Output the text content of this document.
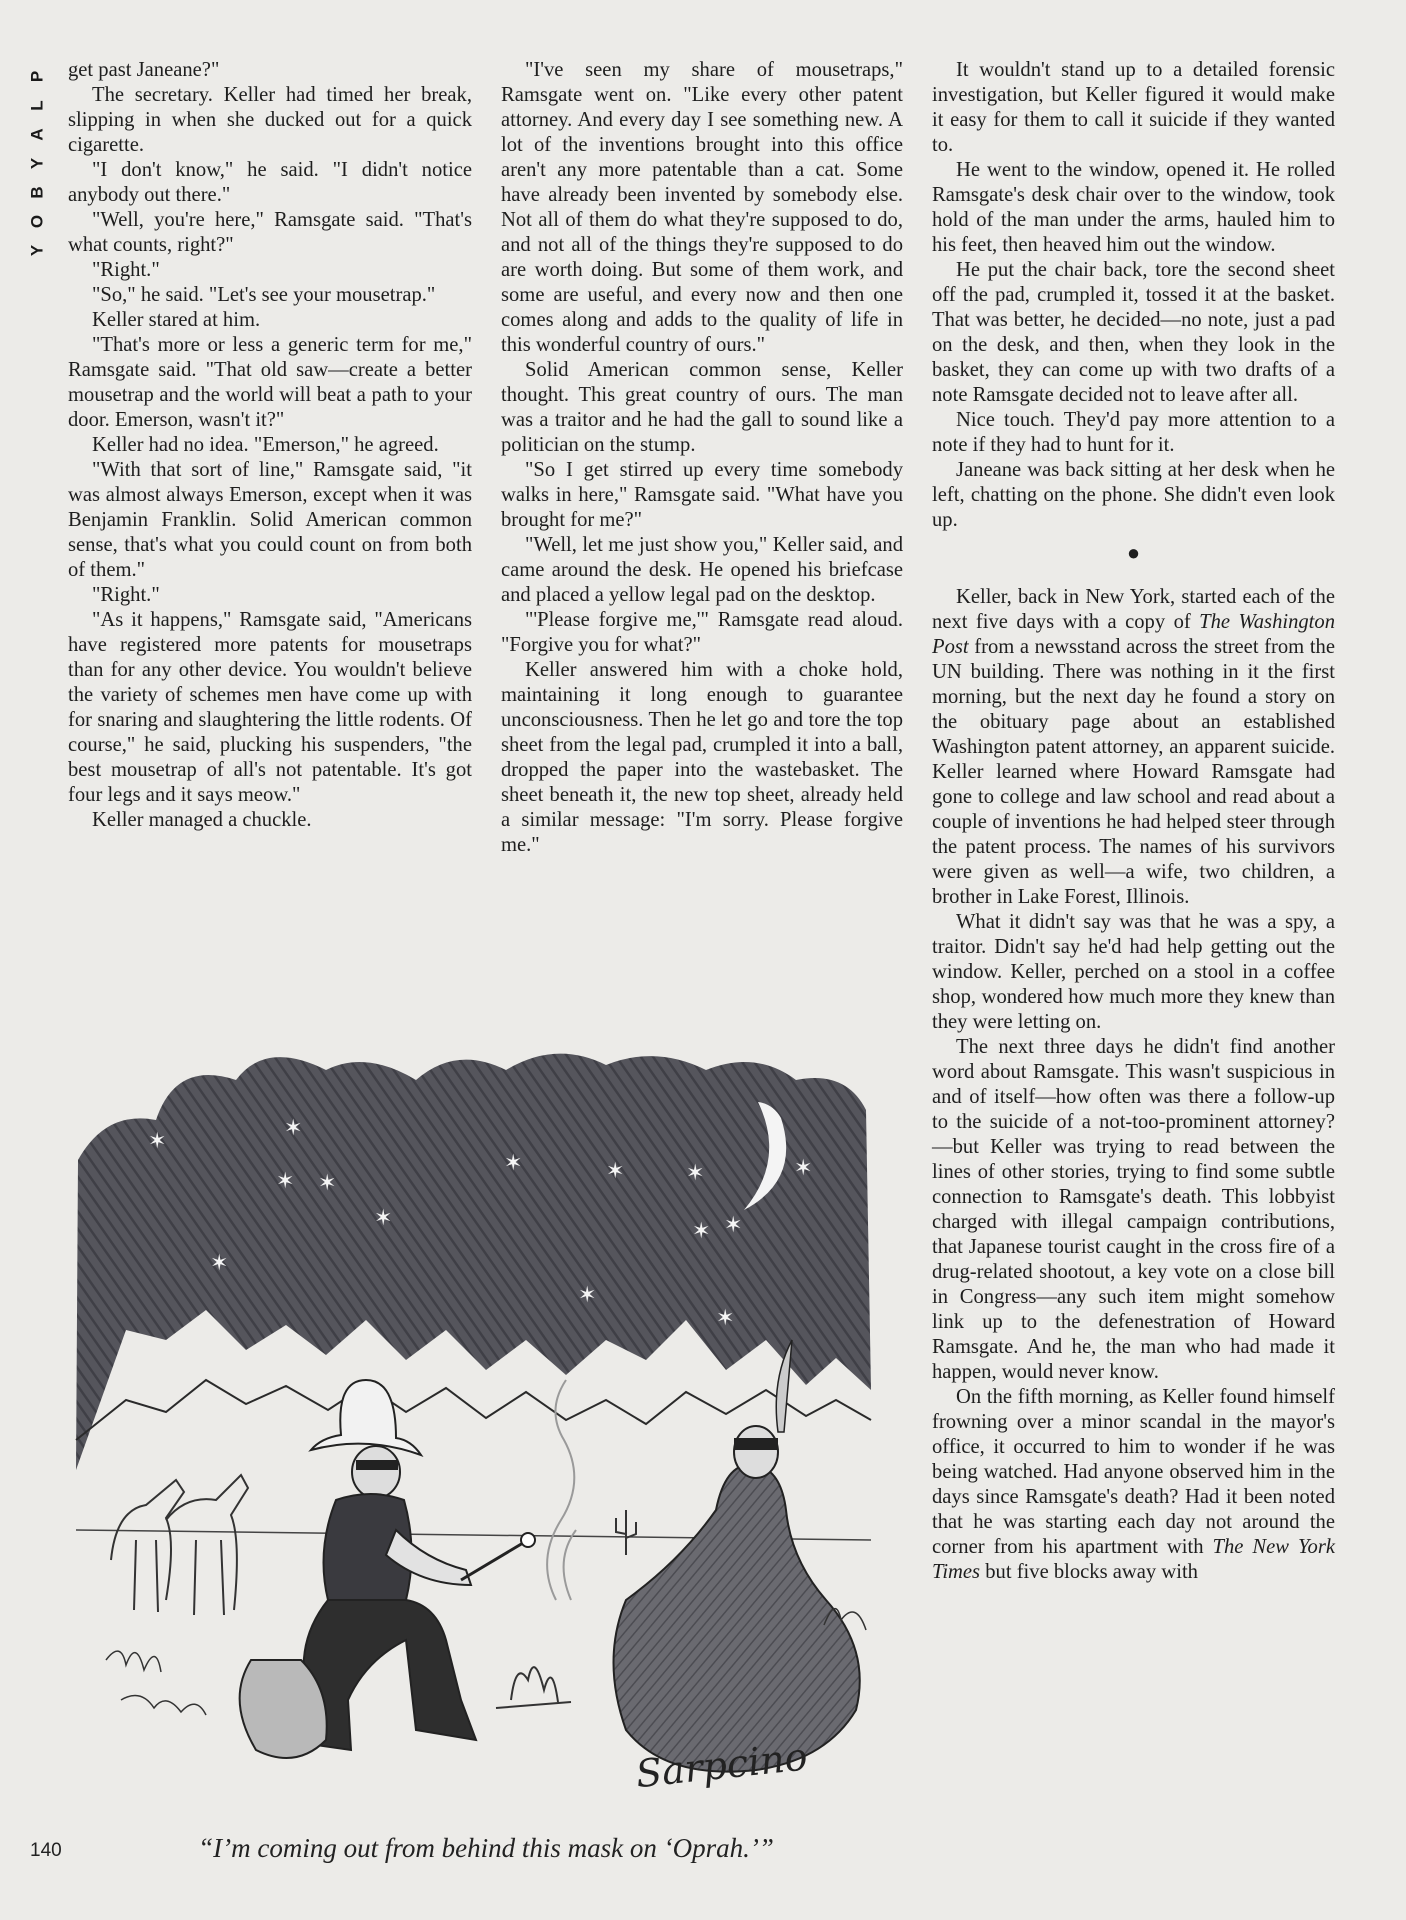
P
L
A
Y
B
O
Y

get past Janeane?"

The secretary. Keller had timed her break, slipping in when she ducked out for a quick cigarette.

"I don't know," he said. "I didn't notice anybody out there."

"Well, you're here," Ramsgate said. "That's what counts, right?"

"Right."

"So," he said. "Let's see your mousetrap."

Keller stared at him.

"That's more or less a generic term for me," Ramsgate said. "That old saw—create a better mousetrap and the world will beat a path to your door. Emerson, wasn't it?"

Keller had no idea. "Emerson," he agreed.

"With that sort of line," Ramsgate said, "it was almost always Emerson, except when it was Benjamin Franklin. Solid American common sense, that's what you could count on from both of them."

"Right."

"As it happens," Ramsgate said, "Americans have registered more patents for mousetraps than for any other device. You wouldn't believe the variety of schemes men have come up with for snaring and slaughtering the little rodents. Of course," he said, plucking his suspenders, "the best mousetrap of all's not patentable. It's got four legs and it says meow."

Keller managed a chuckle.

"I've seen my share of mousetraps," Ramsgate went on. "Like every other patent attorney. And every day I see something new. A lot of the inventions brought into this office aren't any more patentable than a cat. Some have already been invented by somebody else. Not all of them do what they're supposed to do, and not all of the things they're supposed to do are worth doing. But some of them work, and some are useful, and every now and then one comes along and adds to the quality of life in this wonderful country of ours."

Solid American common sense, Keller thought. This great country of ours. The man was a traitor and he had the gall to sound like a politician on the stump.

"So I get stirred up every time somebody walks in here," Ramsgate said. "What have you brought for me?"

"Well, let me just show you," Keller said, and came around the desk. He opened his briefcase and placed a yellow legal pad on the desktop.

"'Please forgive me,'" Ramsgate read aloud. "Forgive you for what?"

Keller answered him with a choke hold, maintaining it long enough to guarantee unconsciousness. Then he let go and tore the top sheet from the legal pad, crumpled it into a ball, dropped the paper into the wastebasket. The sheet beneath it, the new top sheet, already held a similar message: "I'm sorry. Please forgive me."

It wouldn't stand up to a detailed forensic investigation, but Keller figured it would make it easy for them to call it suicide if they wanted to.

He went to the window, opened it. He rolled Ramsgate's desk chair over to the window, took hold of the man under the arms, hauled him to his feet, then heaved him out the window.

He put the chair back, tore the second sheet off the pad, crumpled it, tossed it at the basket. That was better, he decided—no note, just a pad on the desk, and then, when they look in the basket, they can come up with two drafts of a note Ramsgate decided not to leave after all.

Nice touch. They'd pay more attention to a note if they had to hunt for it.

Janeane was back sitting at her desk when he left, chatting on the phone. She didn't even look up.

●

Keller, back in New York, started each of the next five days with a copy of The Washington Post from a newsstand across the street from the UN building. There was nothing in it the first morning, but the next day he found a story on the obituary page about an established Washington patent attorney, an apparent suicide. Keller learned where Howard Ramsgate had gone to college and law school and read about a couple of inventions he had helped steer through the patent process. The names of his survivors were given as well—a wife, two children, a brother in Lake Forest, Illinois.

What it didn't say was that he was a spy, a traitor. Didn't say he'd had help getting out the window. Keller, perched on a stool in a coffee shop, wondered how much more they knew than they were letting on.

The next three days he didn't find another word about Ramsgate. This wasn't suspicious in and of itself—how often was there a follow-up to the suicide of a not-too-prominent attorney?—but Keller was trying to read between the lines of other stories, trying to find some subtle connection to Ramsgate's death. This lobbyist charged with illegal campaign contributions, that Japanese tourist caught in the cross fire of a drug-related shootout, a key vote on a close bill in Congress—any such item might somehow link up to the defenestration of Howard Ramsgate. And he, the man who had made it happen, would never know.

On the fifth morning, as Keller found himself frowning over a minor scandal in the mayor's office, it occurred to him to wonder if he was being watched. Had anyone observed him in the days since Ramsgate's death? Had it been noted that he was starting each day not around the corner from his apartment with The New York Times but five blocks away with

✶
✶
✶	✶
✶ ✶	✶	✶
✶
✶ ✶
✶
✶
✶
Sarpcino
“I’m coming out from behind this mask on ‘Oprah.’”
140
